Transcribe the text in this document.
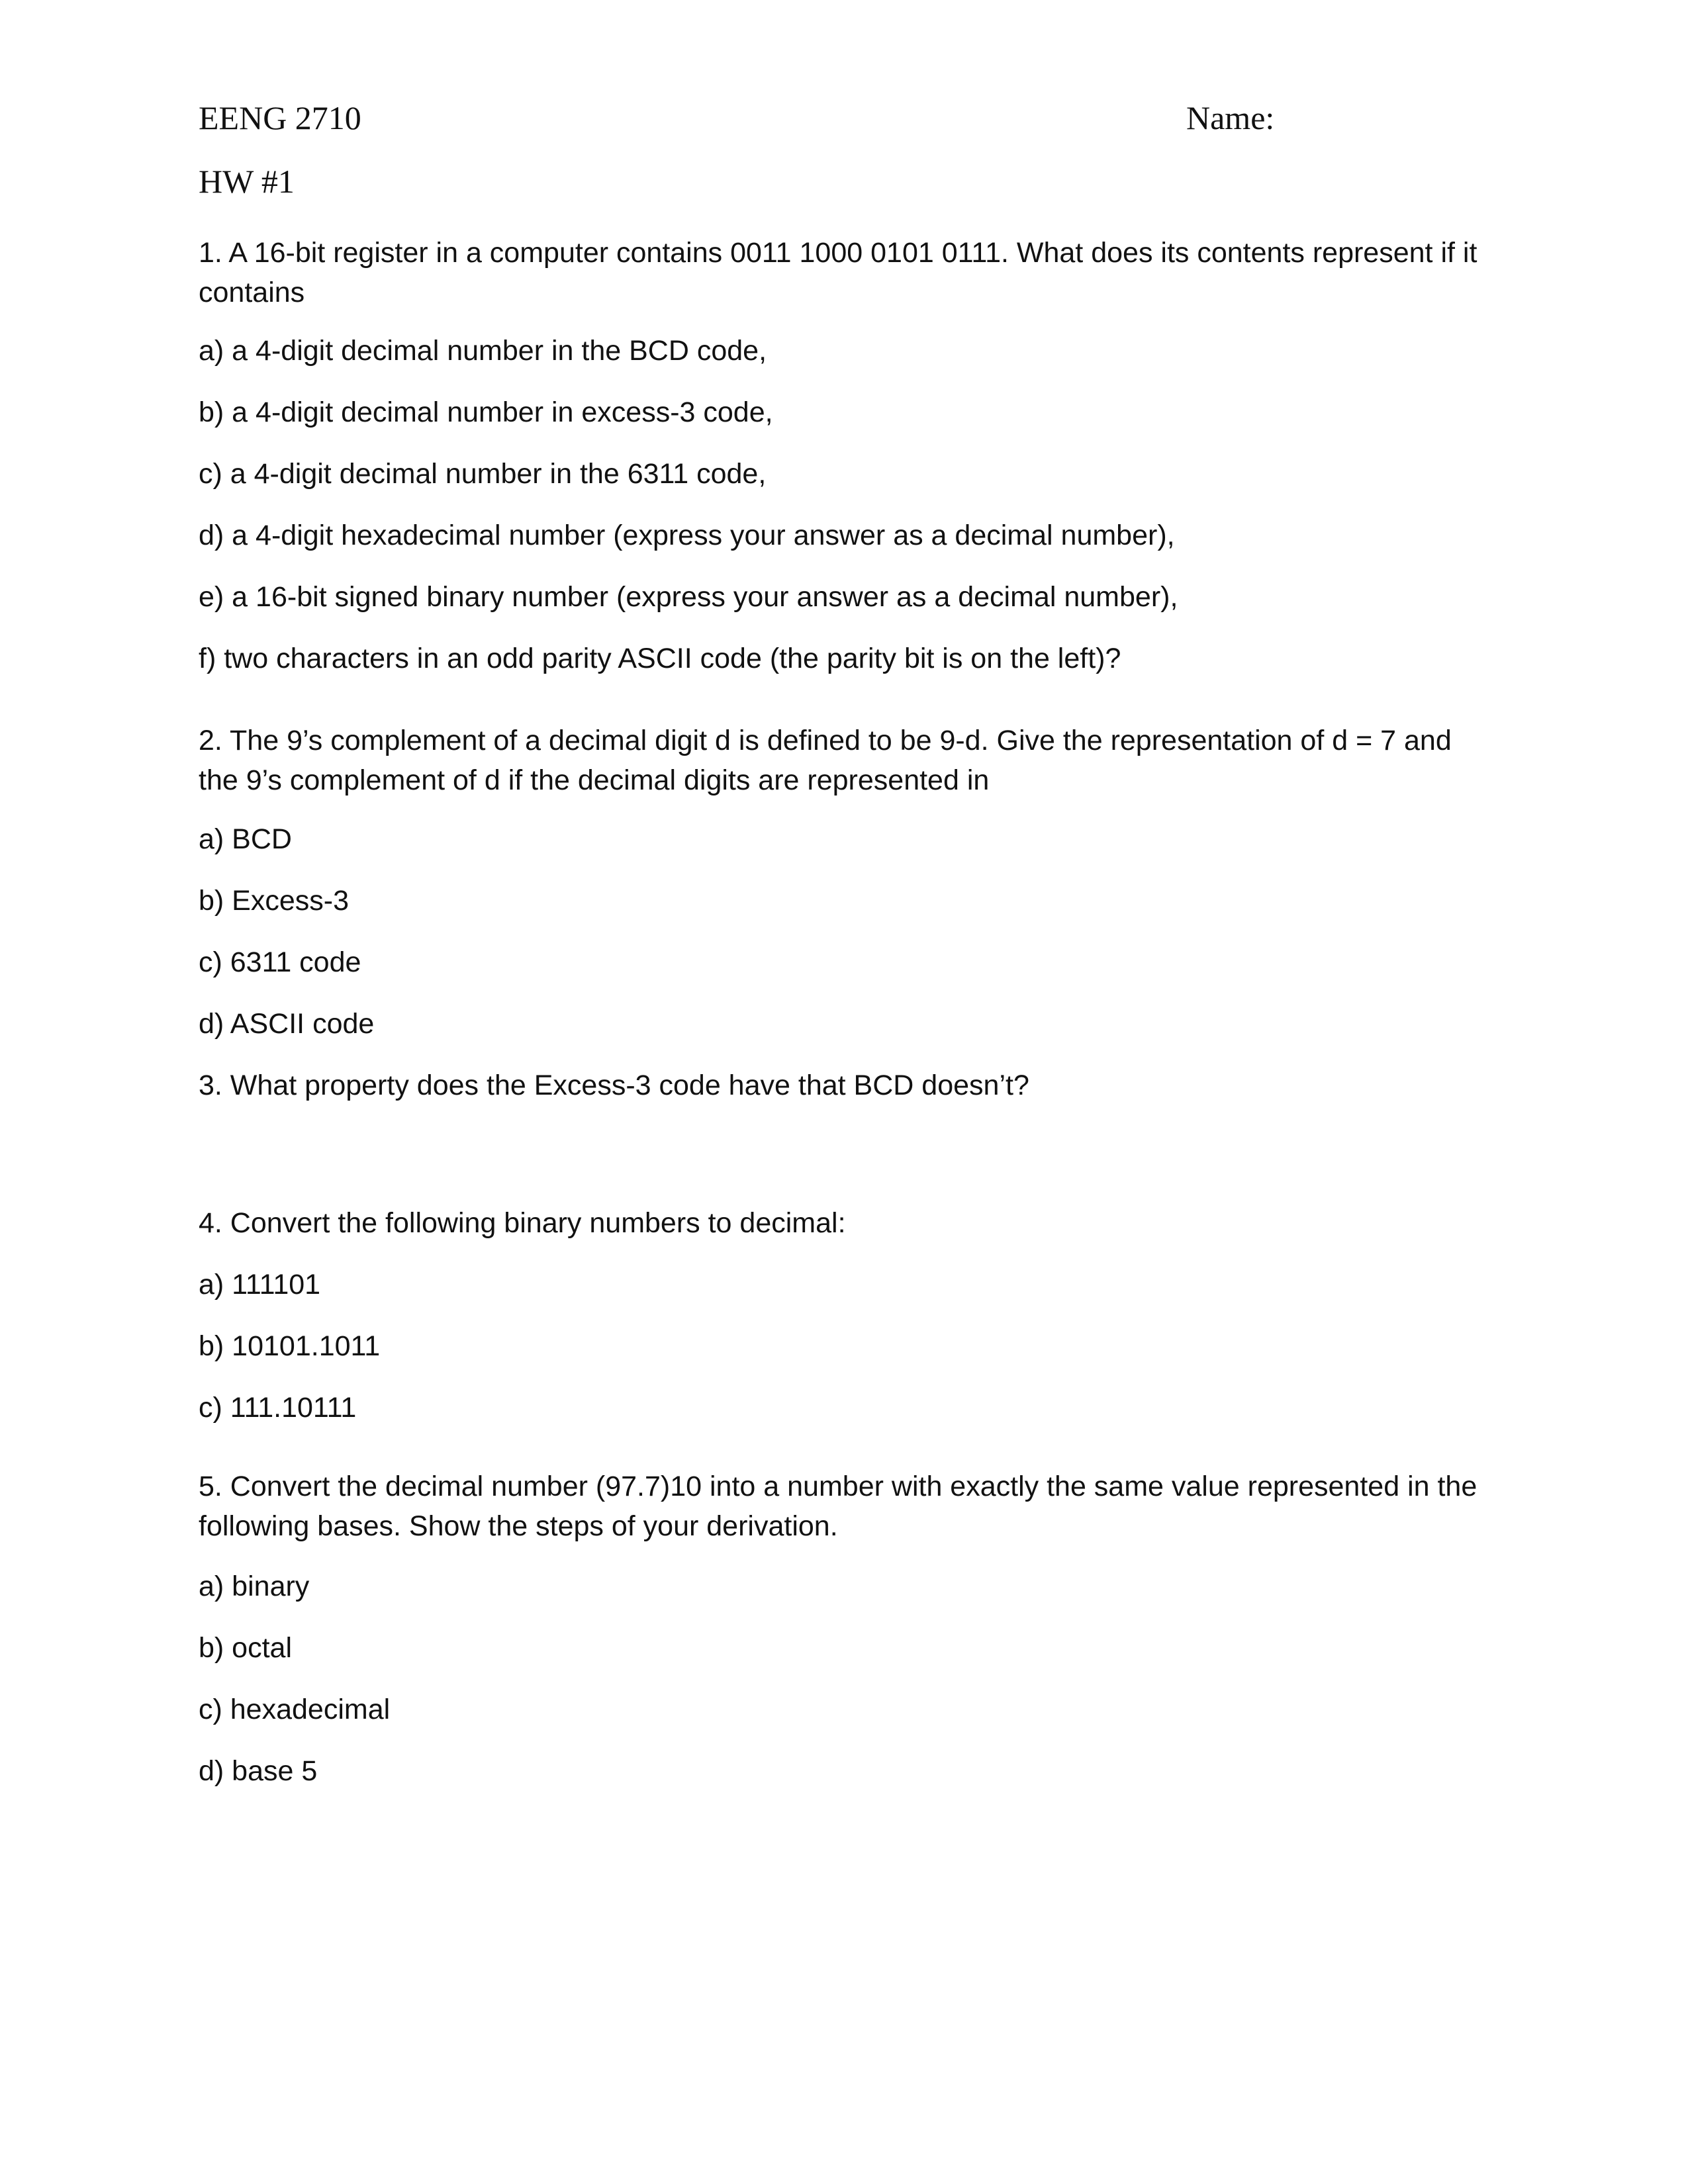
EENG 2710	Name:
HW #1
1. A 16-bit register in a computer contains 0011 1000 0101 0111. What does its contents represent if it contains
a) a 4-digit decimal number in the BCD code,
b) a 4-digit decimal number in excess-3 code,
c) a 4-digit decimal number in the 6311 code,
d) a 4-digit hexadecimal number (express your answer as a decimal number),
e) a 16-bit signed binary number (express your answer as a decimal number),
f) two characters in an odd parity ASCII code (the parity bit is on the left)?
2. The 9’s complement of a decimal digit d is defined to be 9-d. Give the representation of d = 7 and the 9’s complement of d if the decimal digits are represented in
a) BCD
b) Excess-3
c) 6311 code
d) ASCII code
3. What property does the Excess-3 code have that BCD doesn’t?
4. Convert the following binary numbers to decimal:
a) 111101
b) 10101.1011
c) 111.10111
5. Convert the decimal number (97.7)10 into a number with exactly the same value represented in the following bases. Show the steps of your derivation.
a) binary
b) octal
c) hexadecimal
d) base 5
